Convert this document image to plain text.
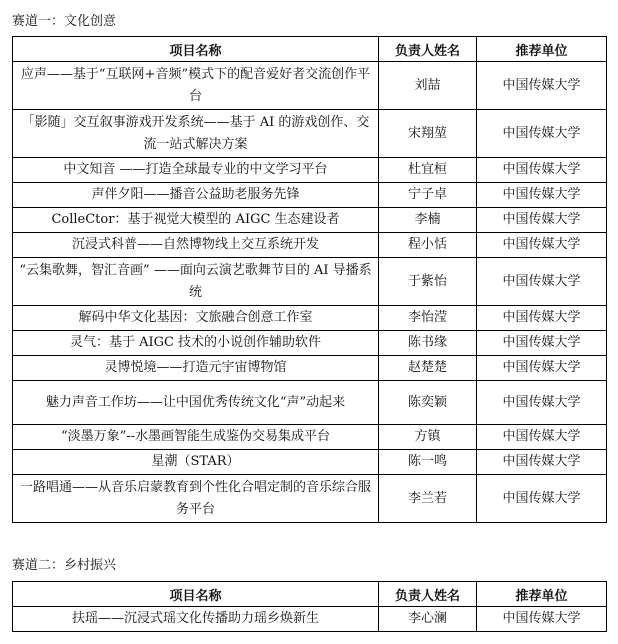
赛道一：文化创意
项目名称	负责人姓名	推荐单位
应声——基于“互联网+音频”模式下的配音爱好者交流创作平台	刘喆	中国传媒大学
「影随」交互叙事游戏开发系统——基于 AI 的游戏创作、交流一站式解决方案	宋翔堃	中国传媒大学
中文知音 ——打造全球最专业的中文学习平台	杜宜桓	中国传媒大学
声伴夕阳——播音公益助老服务先锋	宁子卓	中国传媒大学
ColleCtor：基于视觉大模型的 AIGC 生态建设者	李楠	中国传媒大学
沉浸式科普——自然博物线上交互系统开发	程小恬	中国传媒大学
“云集歌舞，智汇音画” ——面向云演艺歌舞节目的 AI 导播系统	于紫怡	中国传媒大学
解码中华文化基因：文旅融合创意工作室	李怡滢	中国传媒大学
灵气：基于 AIGC 技术的小说创作辅助软件	陈书缘	中国传媒大学
灵博悦境——打造元宇宙博物馆	赵楚楚	中国传媒大学
魅力声音工作坊——让中国优秀传统文化“声”动起来	陈奕颖	中国传媒大学
“淡墨万象”--水墨画智能生成鉴伪交易集成平台	方镇	中国传媒大学
星潮（STAR）	陈一鸣	中国传媒大学
一路唱通——从音乐启蒙教育到个性化合唱定制的音乐综合服务平台	李兰若	中国传媒大学
赛道二：乡村振兴
项目名称	负责人姓名	推荐单位
扶瑶——沉浸式瑶文化传播助力瑶乡焕新生	李心澜	中国传媒大学
